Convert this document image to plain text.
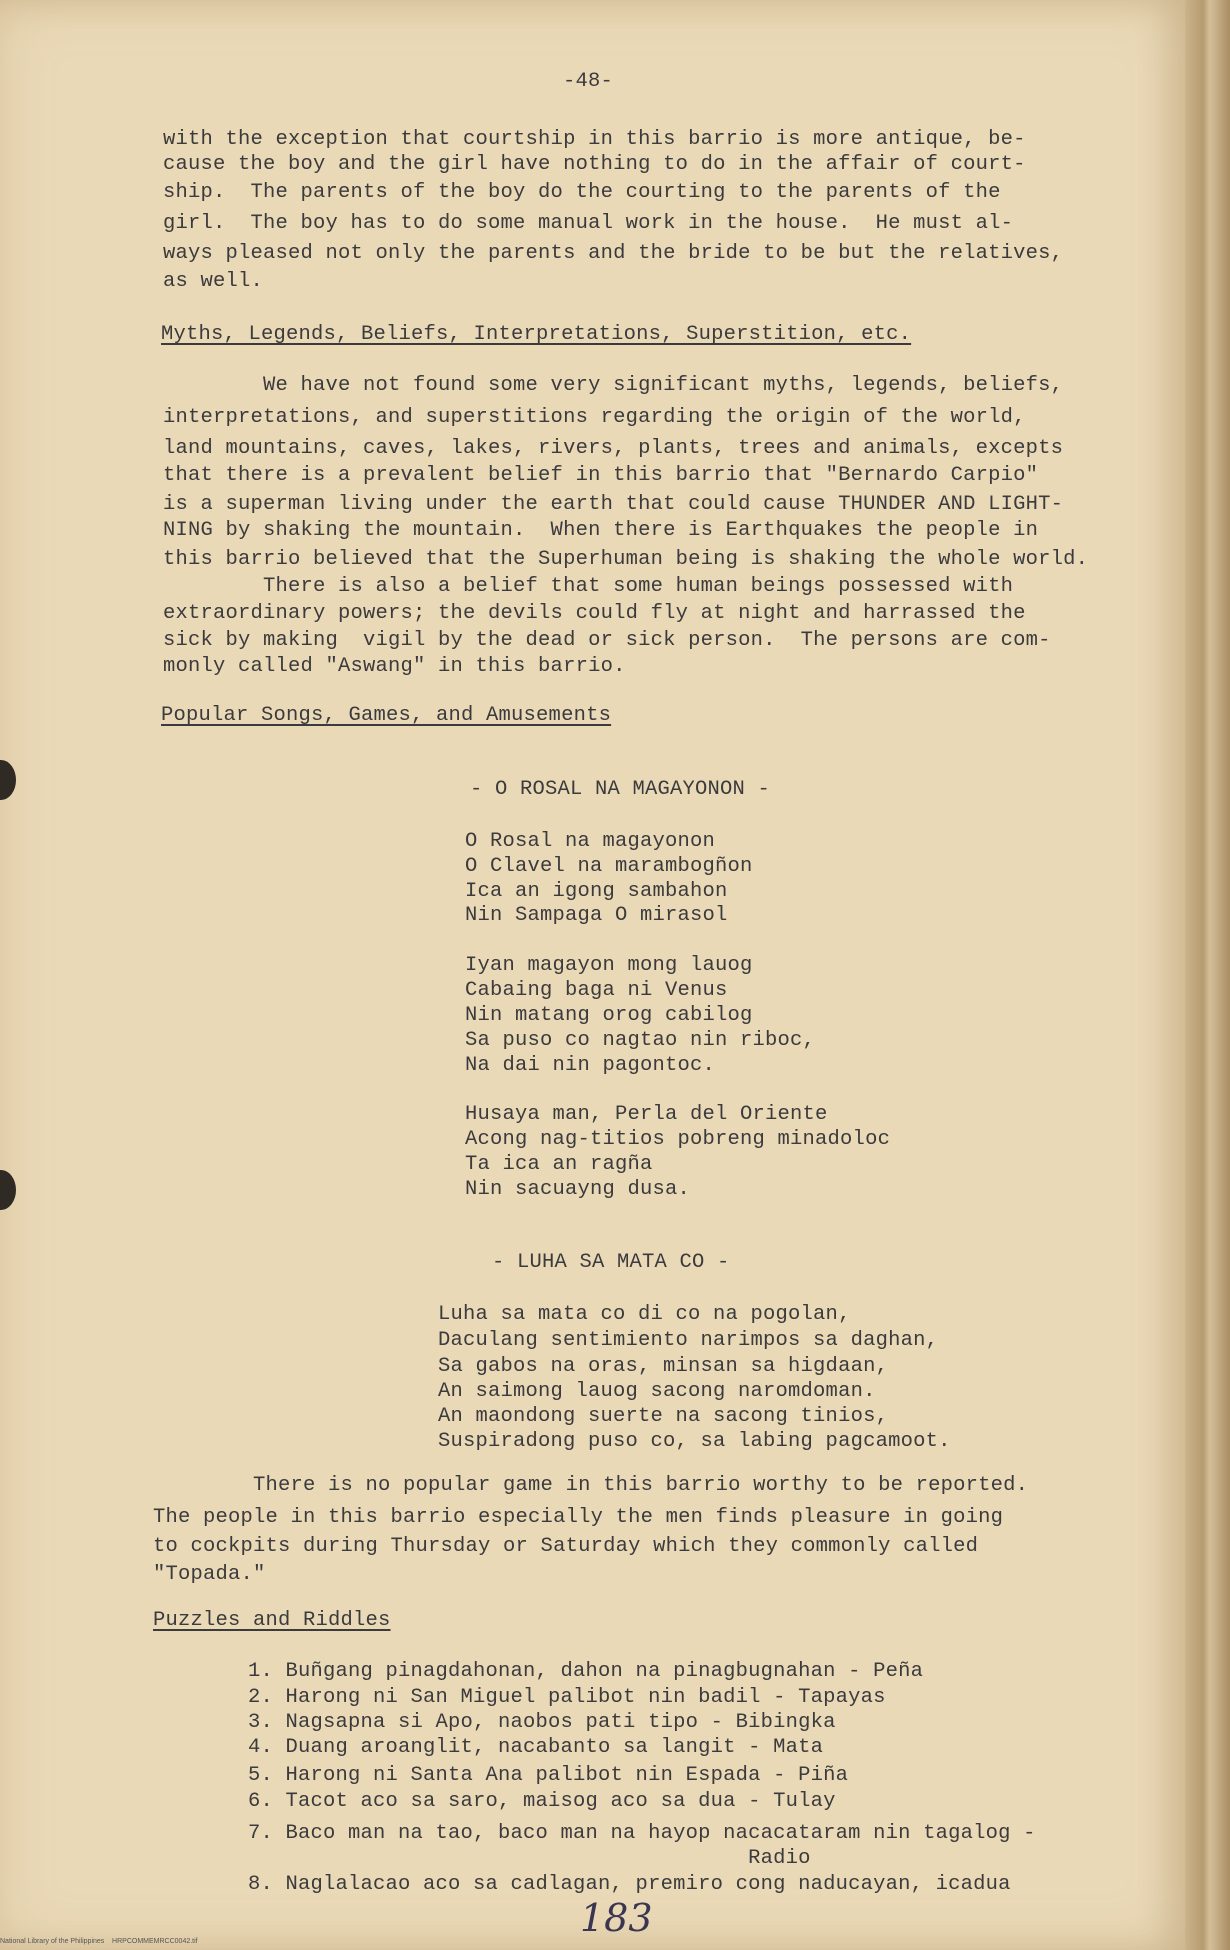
-48-
with the exception that courtship in this barrio is more antique, be-
cause the boy and the girl have nothing to do in the affair of court-
ship.  The parents of the boy do the courting to the parents of the
girl.  The boy has to do some manual work in the house.  He must al-
ways pleased not only the parents and the bride to be but the relatives,
as well.
Myths, Legends, Beliefs, Interpretations, Superstition, etc.
We have not found some very significant myths, legends, beliefs,
interpretations, and superstitions regarding the origin of the world,
land mountains, caves, lakes, rivers, plants, trees and animals, excepts
that there is a prevalent belief in this barrio that "Bernardo Carpio"
is a superman living under the earth that could cause THUNDER AND LIGHT-
NING by shaking the mountain.  When there is Earthquakes the people in
this barrio believed that the Superhuman being is shaking the whole world.
There is also a belief that some human beings possessed with
extraordinary powers; the devils could fly at night and harrassed the
sick by making  vigil by the dead or sick person.  The persons are com-
monly called "Aswang" in this barrio.
Popular Songs, Games, and Amusements
- O ROSAL NA MAGAYONON -
O Rosal na magayonon
O Clavel na marambogñon
Ica an igong sambahon
Nin Sampaga O mirasol
Iyan magayon mong lauog
Cabaing baga ni Venus
Nin matang orog cabilog
Sa puso co nagtao nin riboc,
Na dai nin pagontoc.
Husaya man, Perla del Oriente
Acong nag-titios pobreng minadoloc
Ta ica an ragña
Nin sacuayng dusa.
- LUHA SA MATA CO -
Luha sa mata co di co na pogolan,
Daculang sentimiento narimpos sa daghan,
Sa gabos na oras, minsan sa higdaan,
An saimong lauog sacong naromdoman.
An maondong suerte na sacong tinios,
Suspiradong puso co, sa labing pagcamoot.
There is no popular game in this barrio worthy to be reported.
The people in this barrio especially the men finds pleasure in going
to cockpits during Thursday or Saturday which they commonly called
"Topada."
Puzzles and Riddles
1. Buñgang pinagdahonan, dahon na pinagbugnahan - Peña
2. Harong ni San Miguel palibot nin badil - Tapayas
3. Nagsapna si Apo, naobos pati tipo - Bibingka
4. Duang aroanglit, nacabanto sa langit - Mata
5. Harong ni Santa Ana palibot nin Espada - Piña
6. Tacot aco sa saro, maisog aco sa dua - Tulay
7. Baco man na tao, baco man na hayop nacacataram nin tagalog -
Radio
8. Naglalacao aco sa cadlagan, premiro cong naducayan, icadua
183
National Library of the Philippines    HRPCOMMEMRCC0042.tif
